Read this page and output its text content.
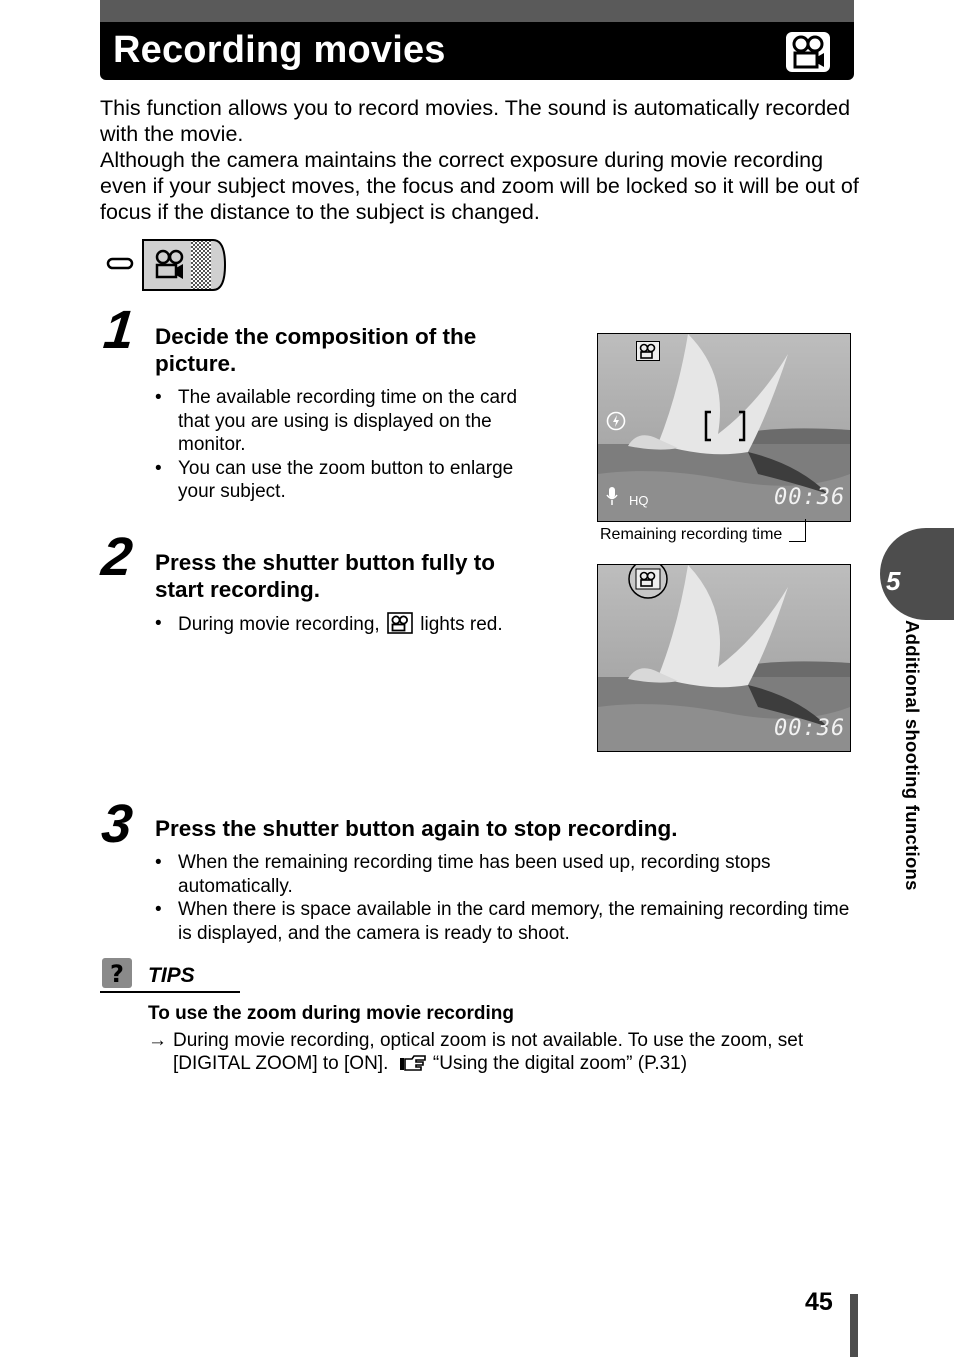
Recording movies

This function allows you to record movies. The sound is automatically recorded with the movie.

Although the camera maintains the correct exposure during movie recording even if your subject moves, the focus and zoom will be locked so it will be out of focus if the distance to the subject is changed.

1 Decide the composition of the
picture.
• The available recording time on the card that you are using is displayed on the monitor.
• You can use the zoom button to enlarge your subject.	HQ	00:36
Remaining recording time
2 Press the shutter button fully to
start recording.
• During movie recording, lights red.
00:36
3 Press the shutter button again to stop recording.
• When the remaining recording time has been used up, recording stops automatically.
• When there is space available in the card memory, the remaining recording time is displayed, and the camera is ready to shoot.
? TIPS
To use the zoom during movie recording
→ During movie recording, optical zoom is not available. To use the zoom, set
[DIGITAL ZOOM] to [ON]. “Using the digital zoom” (P.31)
5
Additional shooting functions
45
